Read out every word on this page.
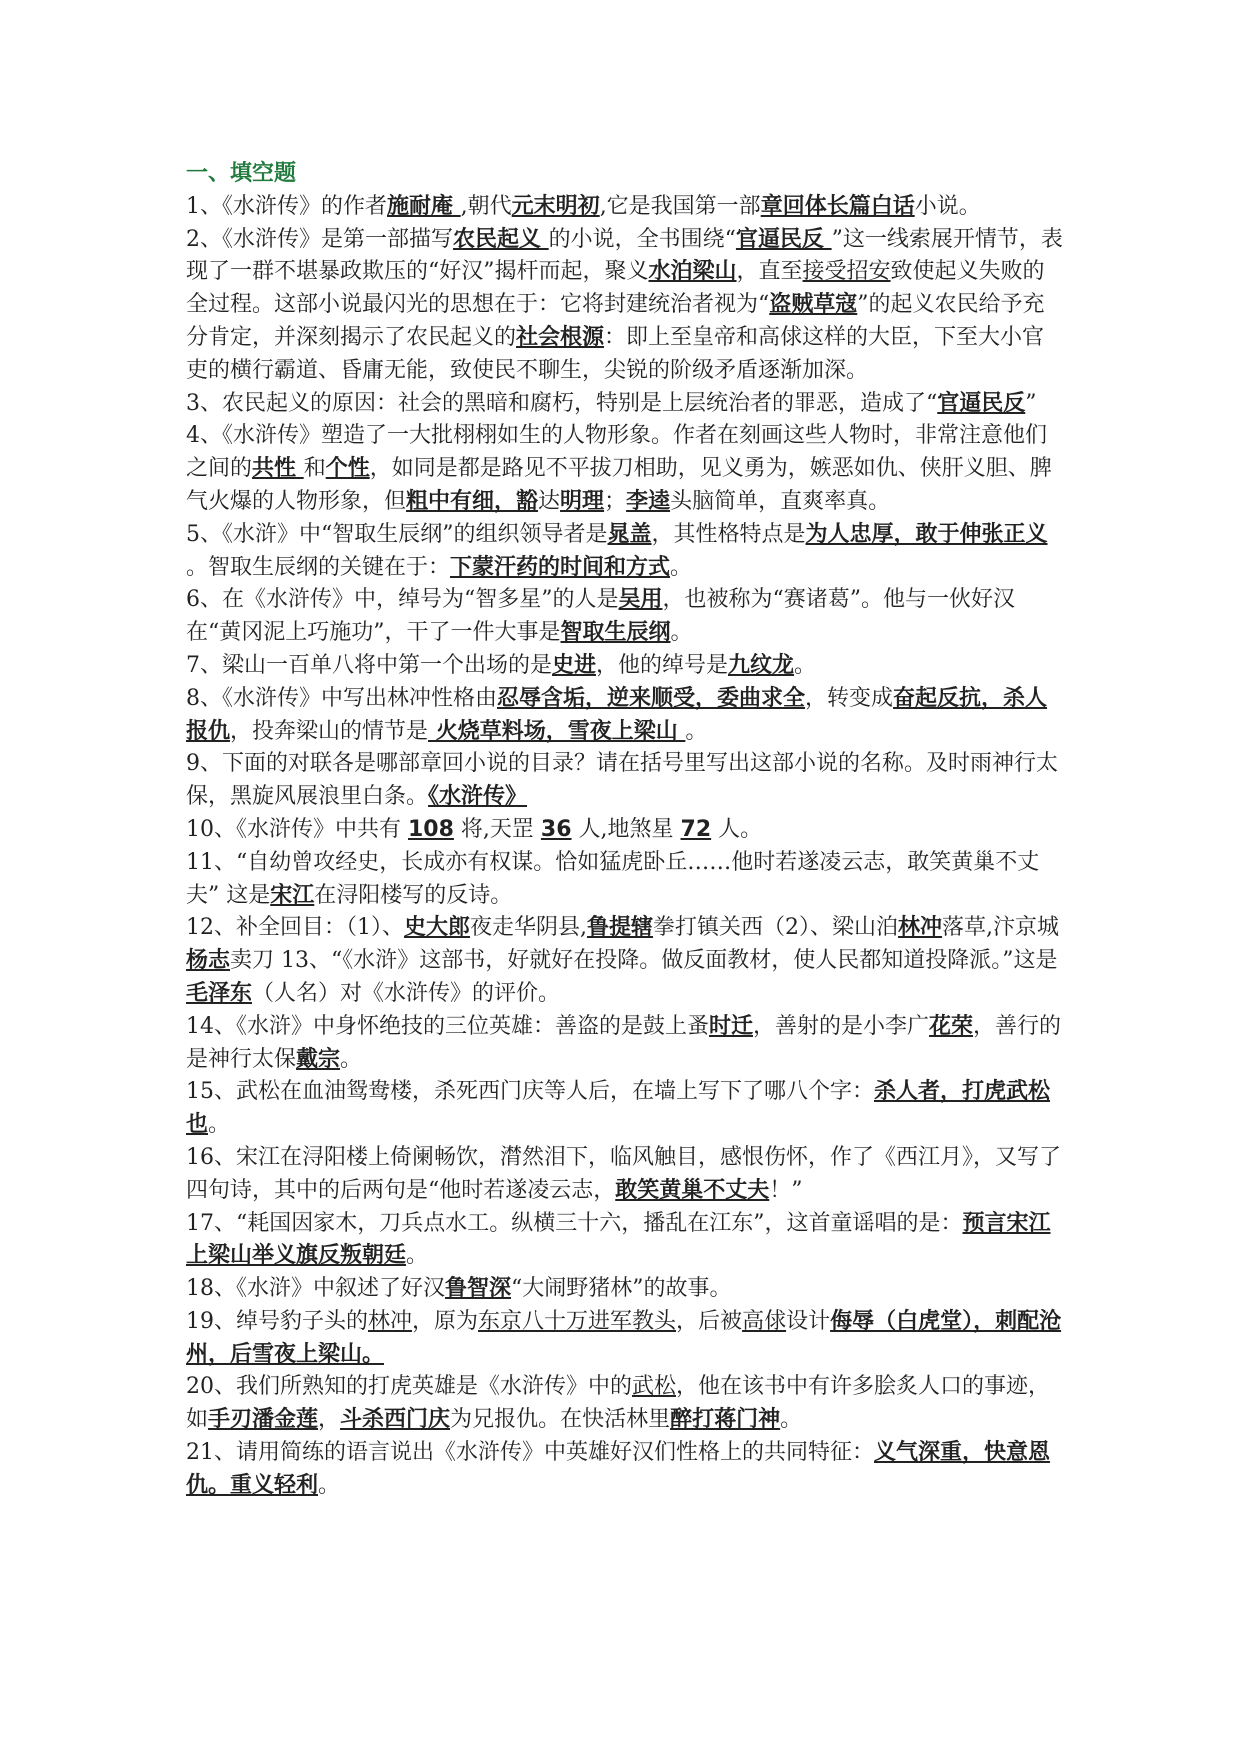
一、填空题
1、《水浒传》的作者施耐庵 ,朝代元末明初,它是我国第一部章回体长篇白话小说。
2、《水浒传》是第一部描写农民起义 的小说，全书围绕“官逼民反 ”这一线索展开情节，表现了一群不堪暴政欺压的“好汉”揭杆而起，聚义水泊梁山，直至接受招安致使起义失败的全过程。这部小说最闪光的思想在于：它将封建统治者视为“盗贼草寇”的起义农民给予充分肯定，并深刻揭示了农民起义的社会根源：即上至皇帝和高俅这样的大臣，下至大小官吏的横行霸道、昏庸无能，致使民不聊生，尖锐的阶级矛盾逐渐加深。
3、农民起义的原因：社会的黑暗和腐朽，特别是上层统治者的罪恶，造成了“官逼民反”
4、《水浒传》塑造了一大批栩栩如生的人物形象。作者在刻画这些人物时，非常注意他们之间的共性 和个性，如同是都是路见不平拔刀相助，见义勇为，嫉恶如仇、侠肝义胆、脾气火爆的人物形象，但粗中有细，豁达明理；李逵头脑简单，直爽率真。
5、《水浒》中“智取生辰纲”的组织领导者是晁盖，其性格特点是为人忠厚，敢于伸张正义 。智取生辰纲的关键在于：下蒙汗药的时间和方式。
6、在《水浒传》中，绰号为“智多星”的人是吴用，也被称为“赛诸葛”。他与一伙好汉在“黄冈泥上巧施功”，干了一件大事是智取生辰纲。
7、梁山一百单八将中第一个出场的是史进，他的绰号是九纹龙。
8、《水浒传》中写出林冲性格由忍辱含垢，逆来顺受，委曲求全，转变成奋起反抗，杀人报仇，投奔梁山的情节是 火烧草料场，雪夜上梁山 。
9、下面的对联各是哪部章回小说的目录？请在括号里写出这部小说的名称。及时雨神行太保，黑旋风展浪里白条。《水浒传》
10、《水浒传》中共有 108 将,天罡 36 人,地煞星 72 人。
11、“自幼曾攻经史，长成亦有权谋。恰如猛虎卧丘……他时若遂凌云志，敢笑黄巢不丈夫” 这是宋江在浔阳楼写的反诗。
12、补全回目：（1）、史大郎夜走华阴县,鲁提辖拳打镇关西（2）、梁山泊林冲落草,汴京城杨志卖刀 13、“《水浒》这部书，好就好在投降。做反面教材，使人民都知道投降派。”这是毛泽东（人名）对《水浒传》的评价。
14、《水浒》中身怀绝技的三位英雄：善盗的是鼓上蚤时迁，善射的是小李广花荣，善行的是神行太保戴宗。
15、武松在血油鸳鸯楼，杀死西门庆等人后，在墙上写下了哪八个字：杀人者，打虎武松也。
16、宋江在浔阳楼上倚阑畅饮，潸然泪下，临风触目，感恨伤怀，作了《西江月》，又写了四句诗，其中的后两句是“他时若遂凌云志，敢笑黄巢不丈夫！”
17、“耗国因家木，刀兵点水工。纵横三十六，播乱在江东”，这首童谣唱的是：预言宋江上梁山举义旗反叛朝廷。
18、《水浒》中叙述了好汉鲁智深“大闹野猪林”的故事。
19、绰号豹子头的林冲，原为东京八十万进军教头，后被高俅设计侮辱（白虎堂），刺配沧州，后雪夜上梁山。
20、我们所熟知的打虎英雄是《水浒传》中的武松，他在该书中有许多脍炙人口的事迹，如手刃潘金莲，斗杀西门庆为兄报仇。在快活林里醉打蒋门神。
21、请用简练的语言说出《水浒传》中英雄好汉们性格上的共同特征：义气深重，快意恩仇。重义轻利。
